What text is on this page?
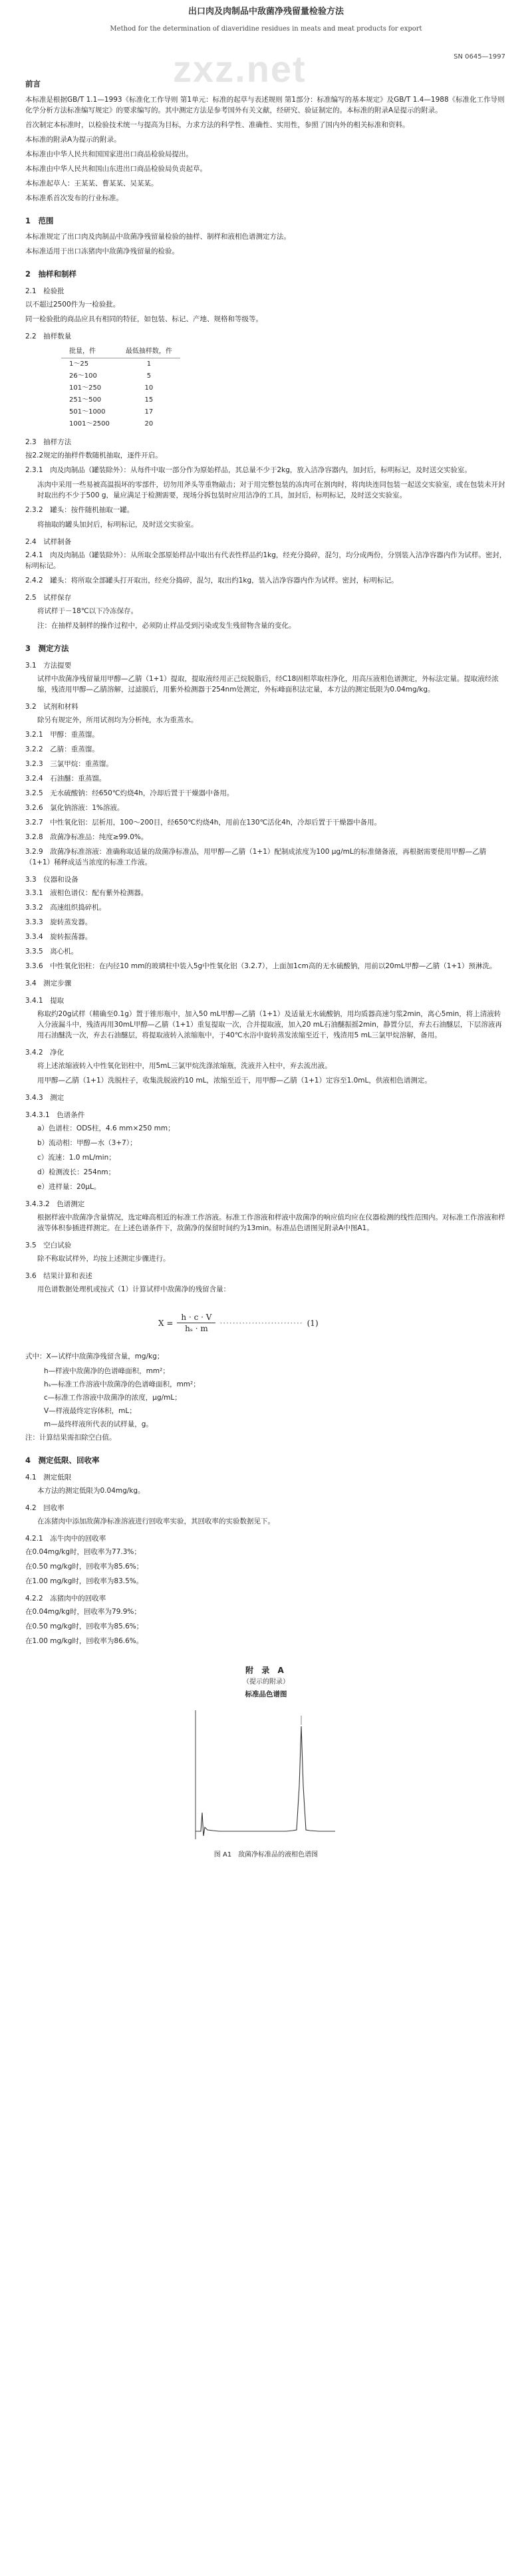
出口肉及肉制品中敌菌净残留量检验方法
Method for the determination of diaveridine residues in meats and meat products for export
SN 0645—1997
zxz.net
前言
本标准是根据GB/T 1.1—1993《标准化工作导则 第1单元：标准的起草与表述规则 第1部分：标准编写的基本规定》及GB/T 1.4—1988《标准化工作导则 化学分析方法标准编写规定》的要求编写的。其中测定方法是参考国外有关文献，经研究、验证制定的。本标准的附录A是提示的附录。
首次制定本标准时，以检验技术统一与提高为目标，力求方法的科学性、准确性、实用性，参照了国内外的相关标准和资料。
本标准的附录A为提示的附录。
本标准由中华人民共和国国家进出口商品检验局提出。
本标准由中华人民共和国山东进出口商品检验局负责起草。
本标准起草人：王某某、曹某某、吴某某。
本标准系首次发布的行业标准。
1　范围
本标准规定了出口肉及肉制品中敌菌净残留量检验的抽样、制样和液相色谱测定方法。
本标准适用于出口冻猪肉中敌菌净残留量的检验。
2　抽样和制样
2.1　检验批
以不超过2500件为一检验批。
同一检验批的商品应具有相同的特征，如包装、标记、产地、规格和等级等。
2.2　抽样数量
批量，件	最低抽样数，件
1～25	1
26～100	5
101～250	10
251～500	15
501～1000	17
1001～2500	20
2.3　抽样方法
按2.2规定的抽样件数随机抽取，逐件开启。
2.3.1　肉及肉制品（罐装除外）：从每件中取一部分作为原始样品，其总量不少于2kg，放入洁净容器内，加封后，标明标记，及时送交实验室。
冻肉中采用一些易被高温损坏的零部件，切勿用斧头等重物敲击；对于用完整包装的冻肉可在割肉时，将肉块连同包装一起送交实验室，或在包装未开封时取出约不少于500 g，量应满足于检测需要，现场分拆包装时应用洁净的工具，加封后，标明标记，及时送交实验室。
2.3.2　罐头：按件随机抽取一罐。
将抽取的罐头加封后，标明标记，及时送交实验室。
2.4　试样制备
2.4.1　肉及肉制品（罐装除外）：从所取全部原始样品中取出有代表性样品约1kg，经充分捣碎，混匀，均分成两份，分别装入洁净容器内作为试样。密封，标明标记。
2.4.2　罐头：将所取全部罐头打开取出，经充分捣碎，混匀，取出约1kg，装入洁净容器内作为试样。密封，标明标记。
2.5　试样保存
将试样于－18℃以下冷冻保存。
注：在抽样及制样的操作过程中，必须防止样品受到污染或发生残留物含量的变化。
3　测定方法
3.1　方法提要
试样中敌菌净残留量用甲醇—乙腈（1+1）提取，提取液经用正己烷脱脂后，经C18固相萃取柱净化，用高压液相色谱测定，外标法定量。提取液经浓缩，残渣用甲醇—乙腈溶解，过滤膜后，用紫外检测器于254nm处测定，外标峰面积法定量，本方法的测定低限为0.04mg/kg。
3.2　试剂和材料
除另有规定外，所用试剂均为分析纯，水为重蒸水。
3.2.1　甲醇：重蒸馏。
3.2.2　乙腈：重蒸馏。
3.2.3　三氯甲烷：重蒸馏。
3.2.4　石油醚：重蒸馏。
3.2.5　无水硫酸钠：经650℃灼烧4h，冷却后置于干燥器中备用。
3.2.6　氯化钠溶液：1%溶液。
3.2.7　中性氧化铝：层析用，100～200目，经650℃灼烧4h，用前在130℃活化4h，冷却后置于干燥器中备用。
3.2.8　敌菌净标准品：纯度≥99.0%。
3.2.9　敌菌净标准溶液：准确称取适量的敌菌净标准品，用甲醇—乙腈（1+1）配制成浓度为100 μg/mL的标准储备液，再根据需要使用甲醇—乙腈（1+1）稀释成适当浓度的标准工作液。
3.3　仪器和设备
3.3.1　液相色谱仪：配有紫外检测器。
3.3.2　高速组织捣碎机。
3.3.3　旋转蒸发器。
3.3.4　旋转振荡器。
3.3.5　离心机。
3.3.6　中性氧化铝柱：在内径10 mm的玻璃柱中装入5g中性氧化铝（3.2.7），上面加1cm高的无水硫酸钠，用前以20mL甲醇—乙腈（1+1）预淋洗。
3.4　测定步骤
3.4.1　提取
称取约20g试样（精确至0.1g）置于锥形瓶中，加入50 mL甲醇—乙腈（1+1）及适量无水硫酸钠，用均质器高速匀浆2min，离心5min，将上清液转入分液漏斗中，残渣再用30mL甲醇—乙腈（1+1）重复提取一次，合并提取液，加入20 mL石油醚振摇2min，静置分层，弃去石油醚层，下层溶液再用石油醚洗一次，弃去石油醚层，将提取液转入浓缩瓶中，于40℃水浴中旋转蒸发浓缩至近干，残渣用5 mL三氯甲烷溶解，备用。
3.4.2　净化
将上述浓缩液转入中性氧化铝柱中，用5mL三氯甲烷洗涤浓缩瓶，洗液并入柱中，弃去流出液。
用甲醇—乙腈（1+1）洗脱柱子，收集洗脱液约10 mL，浓缩至近干，用甲醇—乙腈（1+1）定容至1.0mL，供液相色谱测定。
3.4.3　测定
3.4.3.1　色谱条件
a）色谱柱：ODS柱，4.6 mm×250 mm；
b）流动相：甲醇—水（3+7）；
c）流速：1.0 mL/min；
d）检测波长：254nm；
e）进样量：20μL。
3.4.3.2　色谱测定
根据样液中敌菌净含量情况，选定峰高相近的标准工作溶液。标准工作溶液和样液中敌菌净的响应值均应在仪器检测的线性范围内。对标准工作溶液和样液等体积参插进样测定。在上述色谱条件下，敌菌净的保留时间约为13min。标准品色谱图见附录A中图A1。
3.5　空白试验
除不称取试样外，均按上述测定步骤进行。
3.6　结果计算和表述
用色谱数据处理机或按式（1）计算试样中敌菌净的残留含量：
$X = \frac{h \cdot c \cdot V}{\text{hₛ · m}}$ ·························· (1)
式中：X—试样中敌菌净残留含量，mg/kg；
h—样液中敌菌净的色谱峰面积，mm²；
hₛ—标准工作溶液中敌菌净的色谱峰面积，mm²；
c—标准工作溶液中敌菌净的浓度，μg/mL；
V—样液最终定容体积，mL；
m—最终样液所代表的试样量，g。
注：计算结果需扣除空白值。
4　测定低限、回收率
4.1　测定低限
本方法的测定低限为0.04mg/kg。
4.2　回收率
在冻猪肉中添加敌菌净标准溶液进行回收率实验，其回收率的实验数据见下。
4.2.1　冻牛肉中的回收率
在0.04mg/kg时，回收率为77.3%；
在0.50 mg/kg时，回收率为85.6%；
在1.00 mg/kg时，回收率为83.5%。
4.2.2　冻猪肉中的回收率
在0.04mg/kg时，回收率为79.9%；
在0.50 mg/kg时，回收率为85.6%；
在1.00 mg/kg时，回收率为86.6%。
附 录 A
（提示的附录）
标准品色谱图
图 A1　敌菌净标准品的液相色谱图
